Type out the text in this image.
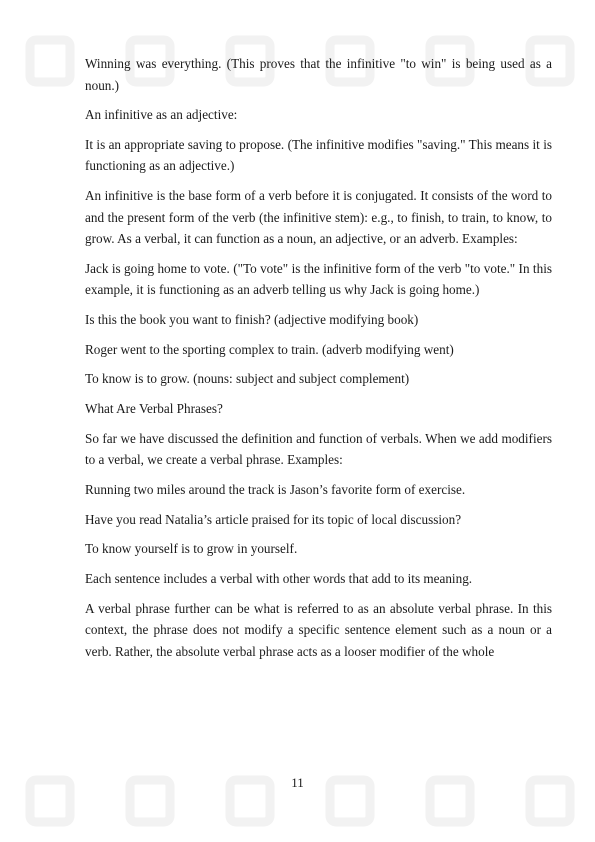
Winning was everything. (This proves that the infinitive "to win" is being used as a noun.)

An infinitive as an adjective:

It is an appropriate saving to propose. (The infinitive modifies "saving." This means it is functioning as an adjective.)

An infinitive is the base form of a verb before it is conjugated. It consists of the word to and the present form of the verb (the infinitive stem): e.g., to finish, to train, to know, to grow. As a verbal, it can function as a noun, an adjective, or an adverb. Examples:

Jack is going home to vote. ("To vote" is the infinitive form of the verb "to vote." In this example, it is functioning as an adverb telling us why Jack is going home.)

Is this the book you want to finish? (adjective modifying book)

Roger went to the sporting complex to train. (adverb modifying went)

To know is to grow. (nouns: subject and subject complement)

What Are Verbal Phrases?

So far we have discussed the definition and function of verbals. When we add modifiers to a verbal, we create a verbal phrase. Examples:

Running two miles around the track is Jason’s favorite form of exercise.

Have you read Natalia’s article praised for its topic of local discussion?

To know yourself is to grow in yourself.

Each sentence includes a verbal with other words that add to its meaning.

A verbal phrase further can be what is referred to as an absolute verbal phrase. In this context, the phrase does not modify a specific sentence element such as a noun or a verb. Rather, the absolute verbal phrase acts as a looser modifier of the whole

11
